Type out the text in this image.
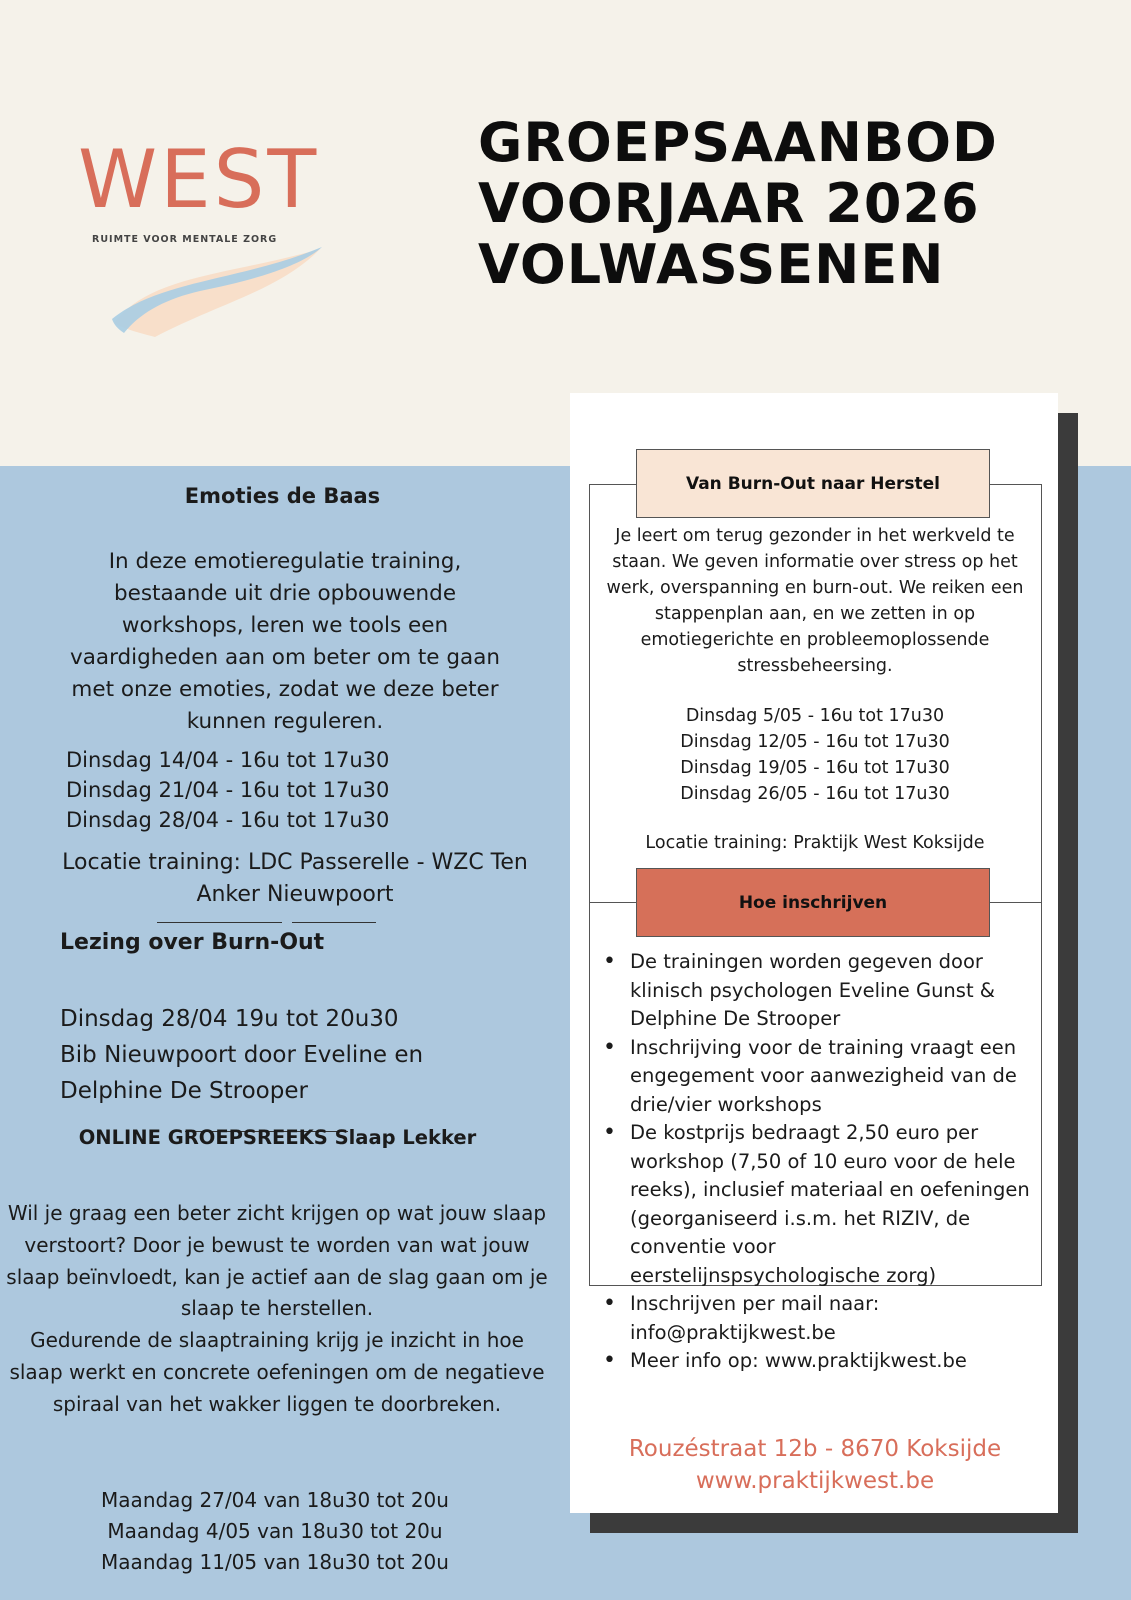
WEST
RUIMTE VOOR MENTALE ZORG
GROEPSAANBOD
VOORJAAR 2026
VOLWASSENEN
Emoties de Baas
In deze emotieregulatie training, bestaande uit drie opbouwende workshops, leren we tools een vaardigheden aan om beter om te gaan met onze emoties, zodat we deze beter kunnen reguleren.
Dinsdag 14/04 - 16u tot 17u30
Dinsdag 21/04 - 16u tot 17u30
Dinsdag 28/04 - 16u tot 17u30
Locatie training: LDC Passerelle - WZC Ten Anker Nieuwpoort
Lezing over Burn-Out
Dinsdag 28/04 19u tot 20u30
Bib Nieuwpoort door Eveline en
Delphine De Strooper
ONLINE GROEPSREEKS Slaap Lekker
Wil je graag een beter zicht krijgen op wat jouw slaap verstoort? Door je bewust te worden van wat jouw slaap beïnvloedt, kan je actief aan de slag gaan om je slaap te herstellen.
Gedurende de slaaptraining krijg je inzicht in hoe slaap werkt en concrete oefeningen om de negatieve spiraal van het wakker liggen te doorbreken.
Maandag 27/04 van 18u30 tot 20u
Maandag 4/05 van 18u30 tot 20u
Maandag 11/05 van 18u30 tot 20u
Van Burn-Out naar Herstel
Je leert om terug gezonder in het werkveld te staan. We geven informatie over stress op het werk, overspanning en burn-out. We reiken een stappenplan aan, en we zetten in op emotiegerichte en probleemoplossende stressbeheersing.
Dinsdag 5/05 - 16u tot 17u30
Dinsdag 12/05 - 16u tot 17u30
Dinsdag 19/05 - 16u tot 17u30
Dinsdag 26/05 - 16u tot 17u30
Locatie training: Praktijk West Koksijde
Hoe inschrijven
• De trainingen worden gegeven door klinisch psychologen Eveline Gunst & Delphine De Strooper
• Inschrijving voor de training vraagt een engegement voor aanwezigheid van de drie/vier workshops
• De kostprijs bedraagt 2,50 euro per workshop (7,50 of 10 euro voor de hele reeks), inclusief materiaal en oefeningen (georganiseerd i.s.m. het RIZIV, de conventie voor eerstelijnspsychologische zorg)
• Inschrijven per mail naar: info@praktijkwest.be
• Meer info op: www.praktijkwest.be
Rouzéstraat 12b - 8670 Koksijde
www.praktijkwest.be
